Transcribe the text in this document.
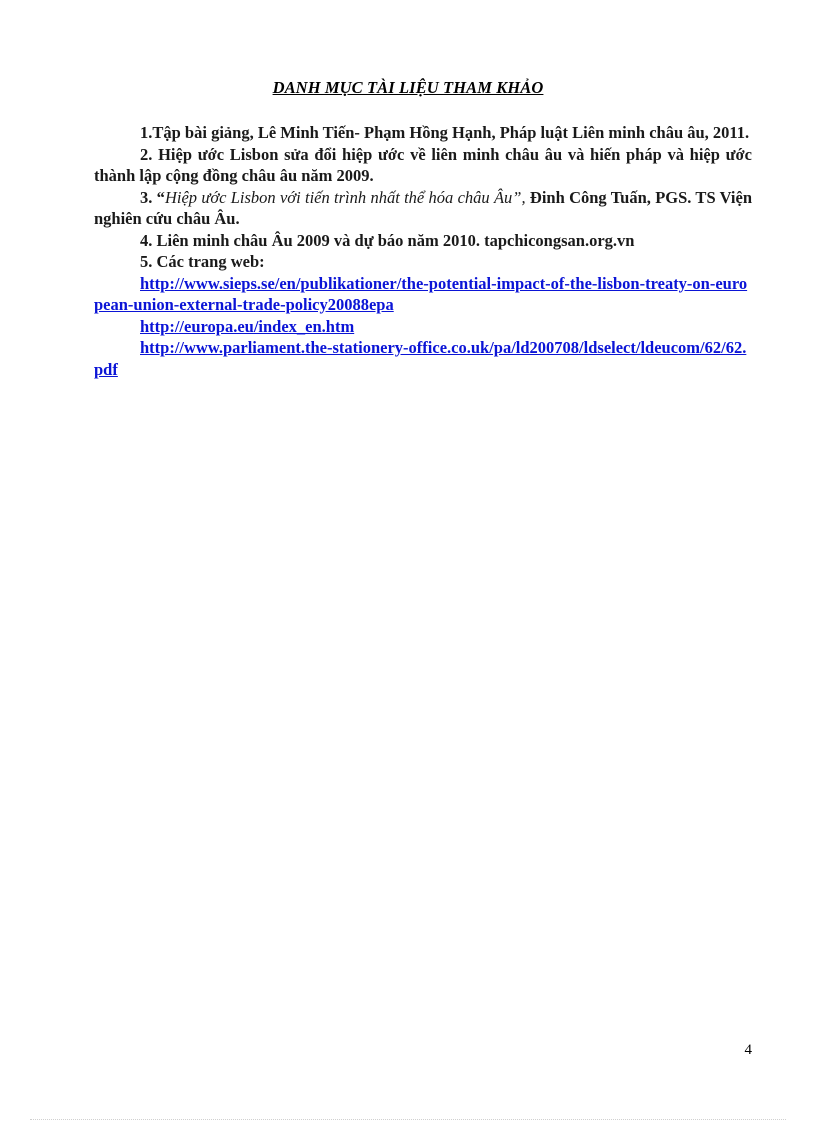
DANH MỤC TÀI LIỆU THAM KHẢO

1.Tập bài giảng, Lê Minh Tiến- Phạm Hồng Hạnh, Pháp luật Liên minh châu âu, 2011.

2. Hiệp ước Lisbon sửa đổi hiệp ước về liên minh châu âu và hiến pháp và hiệp ước thành lập cộng đồng châu âu năm 2009.

3. “Hiệp ước Lisbon với tiến trình nhất thể hóa châu Âu”, Đinh Công Tuấn, PGS. TS Viện nghiên cứu châu Âu.

4. Liên minh châu Âu 2009 và dự báo năm 2010. tapchicongsan.org.vn

5. Các trang web:

http://www.sieps.se/en/publikationer/the-potential-impact-of-the-lisbon-treaty-on-european-union-external-trade-policy20088epa

http://europa.eu/index_en.htm

http://www.parliament.the-stationery-office.co.uk/pa/ld200708/ldselect/ldeucom/62/62.pdf

4
